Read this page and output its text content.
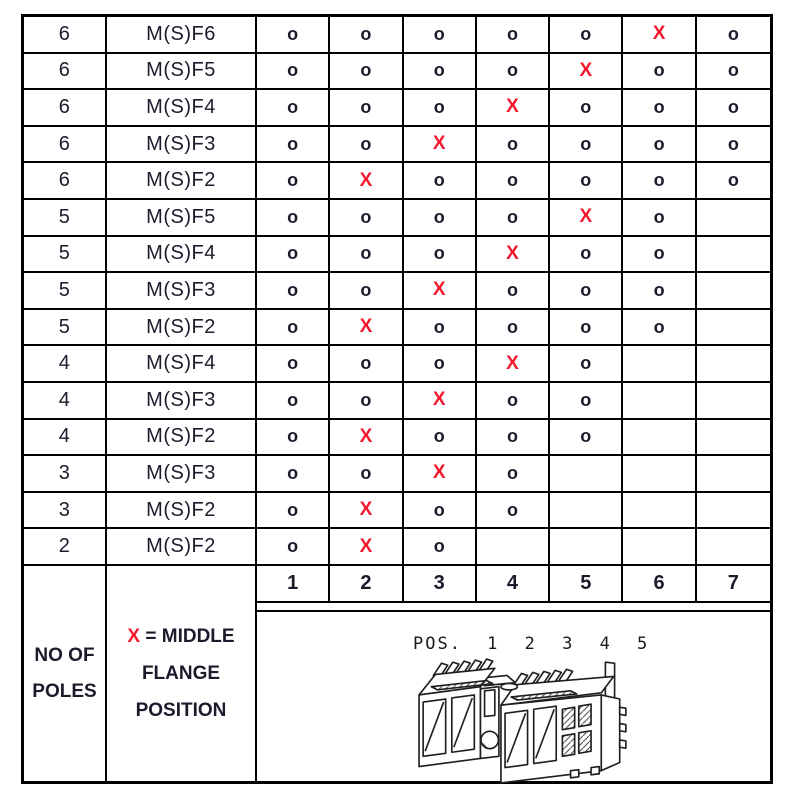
6	M(S)F6	o	o	o	o	o	X	o
6	M(S)F5	o	o	o	o	X	o	o
6	M(S)F4	o	o	o	X	o	o	o
6	M(S)F3	o	o	X	o	o	o	o
6	M(S)F2	o	X	o	o	o	o	o
5	M(S)F5	o	o	o	o	X	o
5	M(S)F4	o	o	o	X	o	o
5	M(S)F3	o	o	X	o	o	o
5	M(S)F2	o	X	o	o	o	o
4	M(S)F4	o	o	o	X	o
4	M(S)F3	o	o	X	o	o
4	M(S)F2	o	X	o	o	o
3	M(S)F3	o	o	X	o
3	M(S)F2	o	X	o	o
2	M(S)F2	o	X	o
NO OF
POLES
X = MIDDLE
FLANGE
POSITION
1	2	3	4	5	6	7
POS. 1 2 3 4 5
